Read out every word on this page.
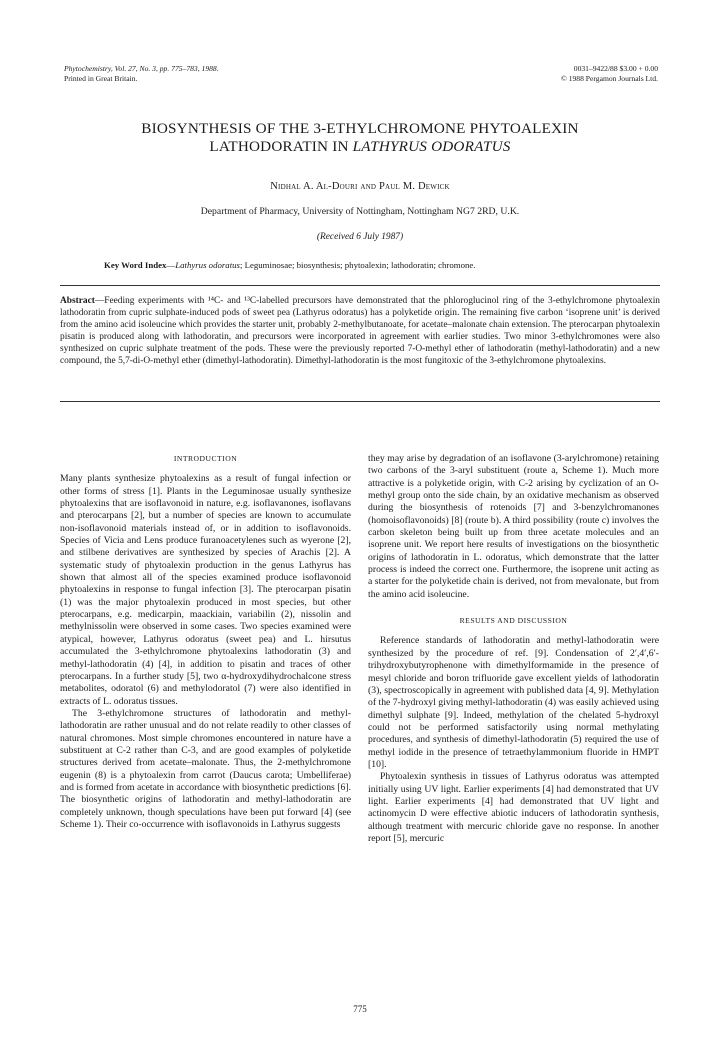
Phytochemistry, Vol. 27, No. 3, pp. 775–783, 1988.
Printed in Great Britain.
0031–9422/88 $3.00 + 0.00
© 1988 Pergamon Journals Ltd.
BIOSYNTHESIS OF THE 3-ETHYLCHROMONE PHYTOALEXIN
LATHODORATIN IN LATHYRUS ODORATUS
Nidhal A. Al-Douri and Paul M. Dewick
Department of Pharmacy, University of Nottingham, Nottingham NG7 2RD, U.K.
(Received 6 July 1987)
Key Word Index—Lathyrus odoratus; Leguminosae; biosynthesis; phytoalexin; lathodoratin; chromone.
Abstract—Feeding experiments with ¹⁴C- and ¹³C-labelled precursors have demonstrated that the phloroglucinol ring of the 3-ethylchromone phytoalexin lathodoratin from cupric sulphate-induced pods of sweet pea (Lathyrus odoratus) has a polyketide origin. The remaining five carbon ‘isoprene unit’ is derived from the amino acid isoleucine which provides the starter unit, probably 2-methylbutanoate, for acetate–malonate chain extension. The pterocarpan phytoalexin pisatin is produced along with lathodoratin, and precursors were incorporated in agreement with earlier studies. Two minor 3-ethylchromones were also synthesized on cupric sulphate treatment of the pods. These were the previously reported 7-O-methyl ether of lathodoratin (methyl-lathodoratin) and a new compound, the 5,7-di-O-methyl ether (dimethyl-lathodoratin). Dimethyl-lathodoratin is the most fungitoxic of the 3-ethylchromone phytoalexins.
INTRODUCTION

Many plants synthesize phytoalexins as a result of fungal infection or other forms of stress [1]. Plants in the Leguminosae usually synthesize phytoalexins that are isoflavonoid in nature, e.g. isoflavanones, isoflavans and pterocarpans [2], but a number of species are known to accumulate non-isoflavonoid materials instead of, or in addition to isoflavonoids. Species of Vicia and Lens produce furanoacetylenes such as wyerone [2], and stilbene derivatives are synthesized by species of Arachis [2]. A systematic study of phytoalexin production in the genus Lathyrus has shown that almost all of the species examined produce isoflavonoid phytoalexins in response to fungal infection [3]. The pterocarpan pisatin (1) was the major phytoalexin produced in most species, but other pterocarpans, e.g. medicarpin, maackiain, variabilin (2), nissolin and methylnissolin were observed in some cases. Two species examined were atypical, however, Lathyrus odoratus (sweet pea) and L. hirsutus accumulated the 3-ethylchromone phytoalexins lathodoratin (3) and methyl-lathodoratin (4) [4], in addition to pisatin and traces of other pterocarpans. In a further study [5], two α-hydroxydihydrochalcone stress metabolites, odoratol (6) and methylodoratol (7) were also identified in extracts of L. odoratus tissues.

The 3-ethylchromone structures of lathodoratin and methyl-lathodoratin are rather unusual and do not relate readily to other classes of natural chromones. Most simple chromones encountered in nature have a substituent at C-2 rather than C-3, and are good examples of polyketide structures derived from acetate–malonate. Thus, the 2-methylchromone eugenin (8) is a phytoalexin from carrot (Daucus carota; Umbelliferae) and is formed from acetate in accordance with biosynthetic predictions [6]. The biosynthetic origins of lathodoratin and methyl-lathodoratin are completely unknown, though speculations have been put forward [4] (see Scheme 1). Their co-occurrence with isoflavonoids in Lathyrus suggests

they may arise by degradation of an isoflavone (3-arylchromone) retaining two carbons of the 3-aryl substituent (route a, Scheme 1). Much more attractive is a polyketide origin, with C-2 arising by cyclization of an O-methyl group onto the side chain, by an oxidative mechanism as observed during the biosynthesis of rotenoids [7] and 3-benzylchromanones (homoisoflavonoids) [8] (route b). A third possibility (route c) involves the carbon skeleton being built up from three acetate molecules and an isoprene unit. We report here results of investigations on the biosynthetic origins of lathodoratin in L. odoratus, which demonstrate that the latter process is indeed the correct one. Furthermore, the isoprene unit acting as a starter for the polyketide chain is derived, not from mevalonate, but from the amino acid isoleucine.

RESULTS AND DISCUSSION

Reference standards of lathodoratin and methyl-lathodoratin were synthesized by the procedure of ref. [9]. Condensation of 2′,4′,6′-trihydroxybutyrophenone with dimethylformamide in the presence of mesyl chloride and boron trifluoride gave excellent yields of lathodoratin (3), spectroscopically in agreement with published data [4, 9]. Methylation of the 7-hydroxyl giving methyl-lathodoratin (4) was easily achieved using dimethyl sulphate [9]. Indeed, methylation of the chelated 5-hydroxyl could not be performed satisfactorily using normal methylating procedures, and synthesis of dimethyl-lathodoratin (5) required the use of methyl iodide in the presence of tetraethylammonium fluoride in HMPT [10].

Phytoalexin synthesis in tissues of Lathyrus odoratus was attempted initially using UV light. Earlier experiments [4] had demonstrated that UV light. Earlier experiments [4] had demonstrated that UV light and actinomycin D were effective abiotic inducers of lathodoratin synthesis, although treatment with mercuric chloride gave no response. In another report [5], mercuric

775
